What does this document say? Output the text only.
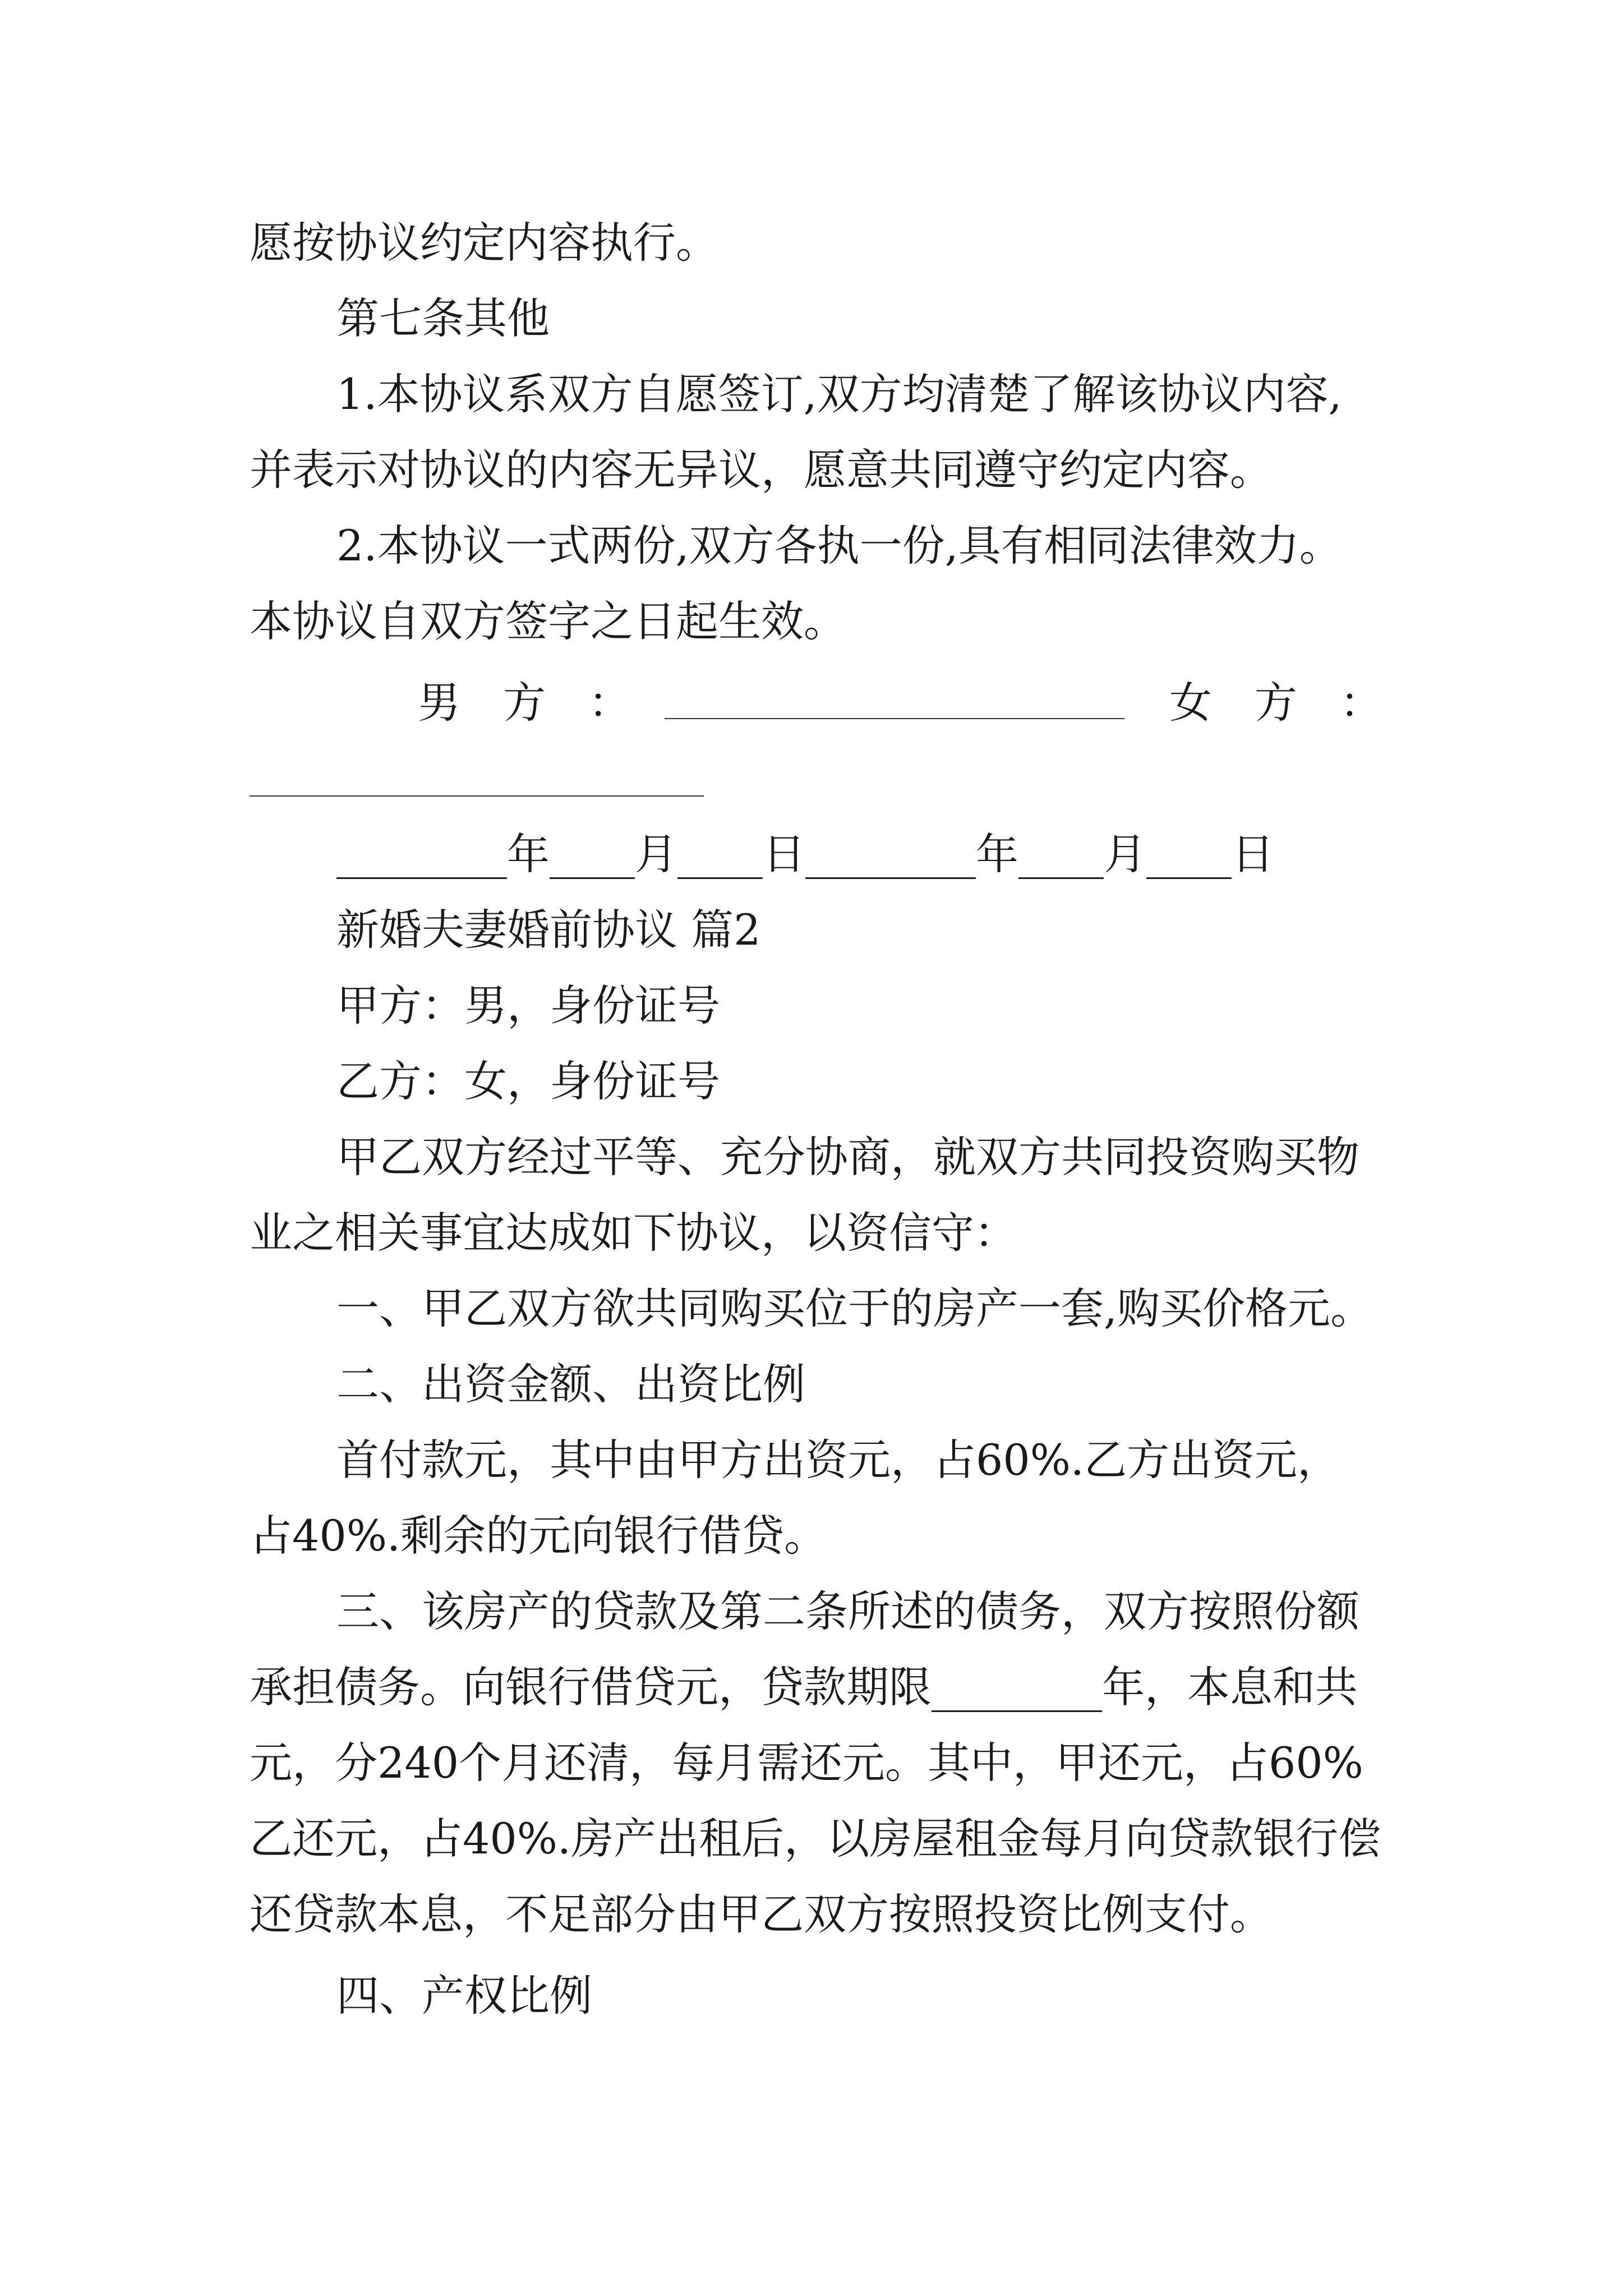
愿按协议约定内容执行。
第七条其他
1.本协议系双方自愿签订,双方均清楚了解该协议内容,
并表示对协议的内容无异议，愿意共同遵守约定内容。
2.本协议一式两份,双方各执一份,具有相同法律效力。
本协议自双方签字之日起生效。
男　方　：	女　方　：
________年____月____日________年____月____日
新婚夫妻婚前协议 篇2
甲方：男，身份证号
乙方：女，身份证号
甲乙双方经过平等、充分协商，就双方共同投资购买物
业之相关事宜达成如下协议，以资信守：
一、甲乙双方欲共同购买位于的房产一套,购买价格元。
二、出资金额、出资比例
首付款元，其中由甲方出资元，占60%.乙方出资元，
占40%.剩余的元向银行借贷。
三、该房产的贷款及第二条所述的债务，双方按照份额
承担债务。向银行借贷元，贷款期限________年，本息和共
元，分240个月还清，每月需还元。其中，甲还元，占60%
乙还元，占40%.房产出租后，以房屋租金每月向贷款银行偿
还贷款本息，不足部分由甲乙双方按照投资比例支付。
四、产权比例
